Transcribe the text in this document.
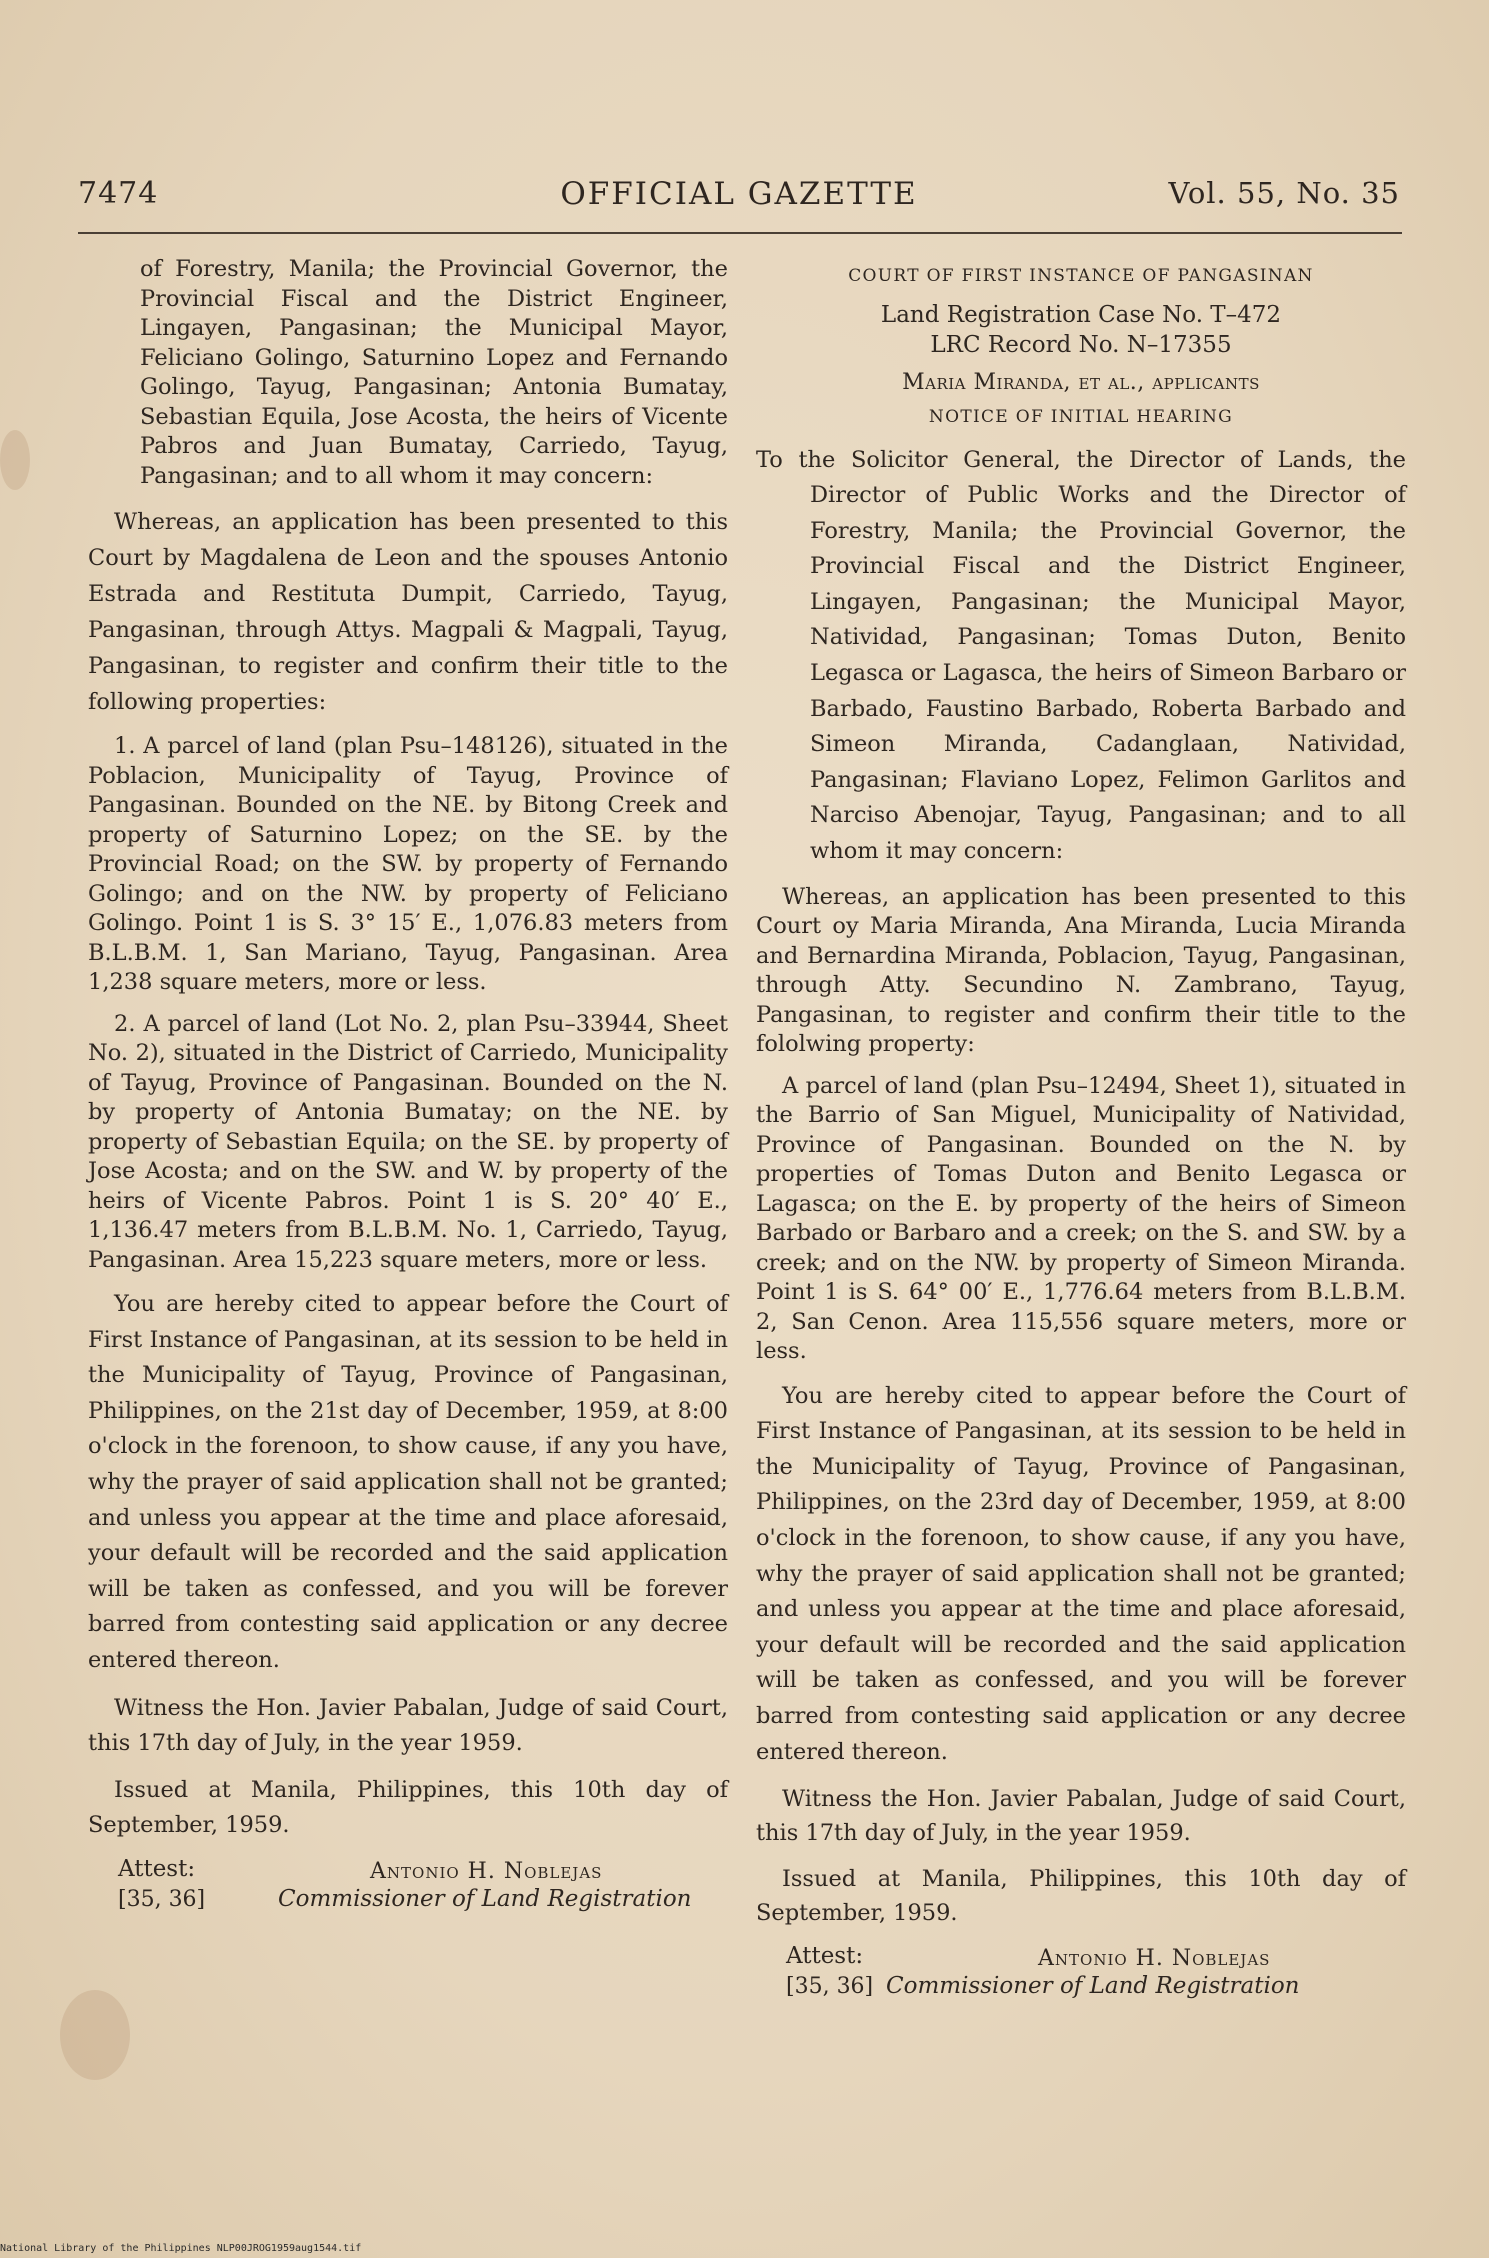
7474	OFFICIAL GAZETTE	Vol. 55, No. 35

of Forestry, Manila; the Provincial Governor, the Provincial Fiscal and the District Engineer, Lingayen, Pangasinan; the Municipal Mayor, Feliciano Golingo, Saturnino Lopez and Fernando Golingo, Tayug, Pangasinan; Antonia Bumatay, Sebastian Equila, Jose Acosta, the heirs of Vicente Pabros and Juan Bumatay, Carriedo, Tayug, Pangasinan; and to all whom it may concern:

Whereas, an application has been presented to this Court by Magdalena de Leon and the spouses Antonio Estrada and Restituta Dumpit, Carriedo, Tayug, Pangasinan, through Attys. Magpali & Magpali, Tayug, Pangasinan, to register and confirm their title to the following properties:

1. A parcel of land (plan Psu–148126), situated in the Poblacion, Municipality of Tayug, Province of Pangasinan. Bounded on the NE. by Bitong Creek and property of Saturnino Lopez; on the SE. by the Provincial Road; on the SW. by property of Fernando Golingo; and on the NW. by property of Feliciano Golingo. Point 1 is S. 3° 15′ E., 1,076.83 meters from B.L.B.M. 1, San Mariano, Tayug, Pangasinan. Area 1,238 square meters, more or less.

2. A parcel of land (Lot No. 2, plan Psu–33944, Sheet No. 2), situated in the District of Carriedo, Municipality of Tayug, Province of Pangasinan. Bounded on the N. by property of Antonia Bumatay; on the NE. by property of Sebastian Equila; on the SE. by property of Jose Acosta; and on the SW. and W. by property of the heirs of Vicente Pabros. Point 1 is S. 20° 40′ E., 1,136.47 meters from B.L.B.M. No. 1, Carriedo, Tayug, Pangasinan. Area 15,223 square meters, more or less.

You are hereby cited to appear before the Court of First Instance of Pangasinan, at its session to be held in the Municipality of Tayug, Province of Pangasinan, Philippines, on the 21st day of December, 1959, at 8:00 o'clock in the forenoon, to show cause, if any you have, why the prayer of said application shall not be granted; and unless you appear at the time and place aforesaid, your default will be recorded and the said application will be taken as confessed, and you will be forever barred from contesting said application or any decree entered thereon.

Witness the Hon. Javier Pabalan, Judge of said Court, this 17th day of July, in the year 1959.

Issued at Manila, Philippines, this 10th day of September, 1959.

Attest:
[35, 36]
Antonio H. Noblejas
Commissioner of Land Registration

COURT OF FIRST INSTANCE OF PANGASINAN

Land Registration Case No. T–472

LRC Record No. N–17355

Maria Miranda, et al., applicants

NOTICE OF INITIAL HEARING

To the Solicitor General, the Director of Lands, the Director of Public Works and the Director of Forestry, Manila; the Provincial Governor, the Provincial Fiscal and the District Engineer, Lingayen, Pangasinan; the Municipal Mayor, Natividad, Pangasinan; Tomas Duton, Benito Legasca or Lagasca, the heirs of Simeon Barbaro or Barbado, Faustino Barbado, Roberta Barbado and Simeon Miranda, Cadanglaan, Natividad, Pangasinan; Flaviano Lopez, Felimon Garlitos and Narciso Abenojar, Tayug, Pangasinan; and to all whom it may concern:

Whereas, an application has been presented to this Court oy Maria Miranda, Ana Miranda, Lucia Miranda and Bernardina Miranda, Poblacion, Tayug, Pangasinan, through Atty. Secundino N. Zambrano, Tayug, Pangasinan, to register and confirm their title to the fololwing property:

A parcel of land (plan Psu–12494, Sheet 1), situated in the Barrio of San Miguel, Municipality of Natividad, Province of Pangasinan. Bounded on the N. by properties of Tomas Duton and Benito Legasca or Lagasca; on the E. by property of the heirs of Simeon Barbado or Barbaro and a creek; on the S. and SW. by a creek; and on the NW. by property of Simeon Miranda. Point 1 is S. 64° 00′ E., 1,776.64 meters from B.L.B.M. 2, San Cenon. Area 115,556 square meters, more or less.

You are hereby cited to appear before the Court of First Instance of Pangasinan, at its session to be held in the Municipality of Tayug, Province of Pangasinan, Philippines, on the 23rd day of December, 1959, at 8:00 o'clock in the forenoon, to show cause, if any you have, why the prayer of said application shall not be granted; and unless you appear at the time and place aforesaid, your default will be recorded and the said application will be taken as confessed, and you will be forever barred from contesting said application or any decree entered thereon.

Witness the Hon. Javier Pabalan, Judge of said Court, this 17th day of July, in the year 1959.

Issued at Manila, Philippines, this 10th day of September, 1959.

Attest:
[35, 36]
Antonio H. Noblejas
Commissioner of Land Registration
National Library of the Philippines NLP00JROG1959aug1544.tif
